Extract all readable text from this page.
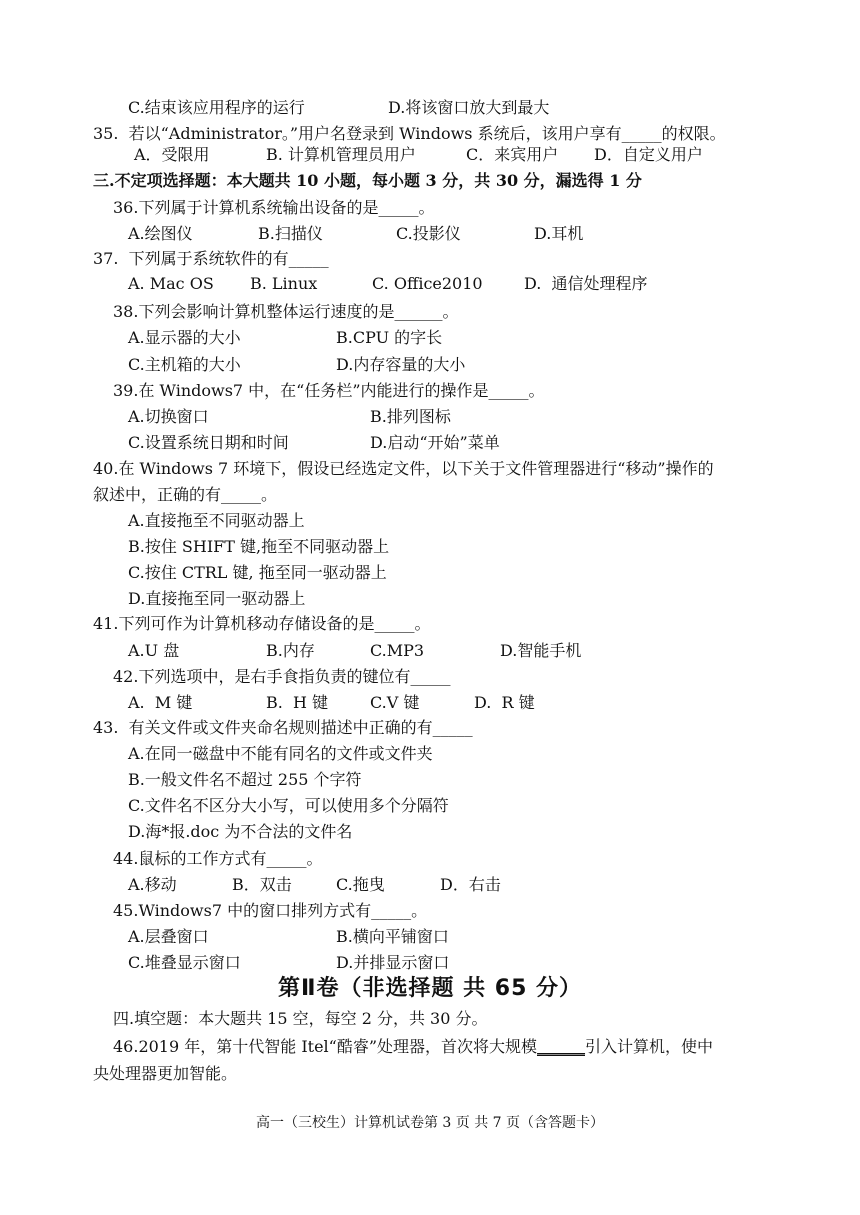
C.结束该应用程序的运行	D.将该窗口放大到最大
35.  若以“Administrator。”用户名登录到 Windows 系统后，该用户享有_____的权限。
A．受限用	B. 计算机管理员用户	C．来宾用户 D．自定义用户
三.不定项选择题：本大题共 10 小题，每小题 3 分，共 30 分，漏选得 1 分
36.下列属于计算机系统输出设备的是_____。
A.绘图仪	B.扫描仪	C.投影仪	D.耳机
37.  下列属于系统软件的有_____
A. Mac OS B. Linux	C. Office2010	D.  通信处理程序
38.下列会影响计算机整体运行速度的是______。
A.显示器的大小	B.CPU 的字长
C.主机箱的大小	D.内存容量的大小
39.在 Windows7 中，在“任务栏”内能进行的操作是_____。
A.切换窗口	B.排列图标
C.设置系统日期和时间	D.启动“开始”菜单
40.在 Windows 7 环境下，假设已经选定文件，以下关于文件管理器进行“移动”操作的
叙述中，正确的有_____。
A.直接拖至不同驱动器上
B.按住 SHIFT 键,拖至不同驱动器上
C.按住 CTRL 键, 拖至同一驱动器上
D.直接拖至同一驱动器上
41.下列可作为计算机移动存储设备的是_____。
A.U 盘	B.内存	C.MP3	D.智能手机
42.下列选项中，是右手食指负责的键位有_____
A.  M 键	B.  H 键	C.V 键	D.  R 键
43.  有关文件或文件夹命名规则描述中正确的有_____
A.在同一磁盘中不能有同名的文件或文件夹
B.一般文件名不超过 255 个字符
C.文件名不区分大小写，可以使用多个分隔符
D.海*报.doc 为不合法的文件名
44.鼠标的工作方式有_____。
A.移动	B．双击	C.拖曳	D．右击
45.Windows7 中的窗口排列方式有_____。
A.层叠窗口	B.横向平铺窗口
C.堆叠显示窗口	D.并排显示窗口
第Ⅱ卷（非选择题 共 65 分）
四.填空题：本大题共 15 空，每空 2 分，共 30 分。
46.2019 年，第十代智能 Itel“酷睿”处理器，首次将大规模______引入计算机，使中
央处理器更加智能。
高一（三校生）计算机试卷第 3 页 共 7 页（含答题卡）
